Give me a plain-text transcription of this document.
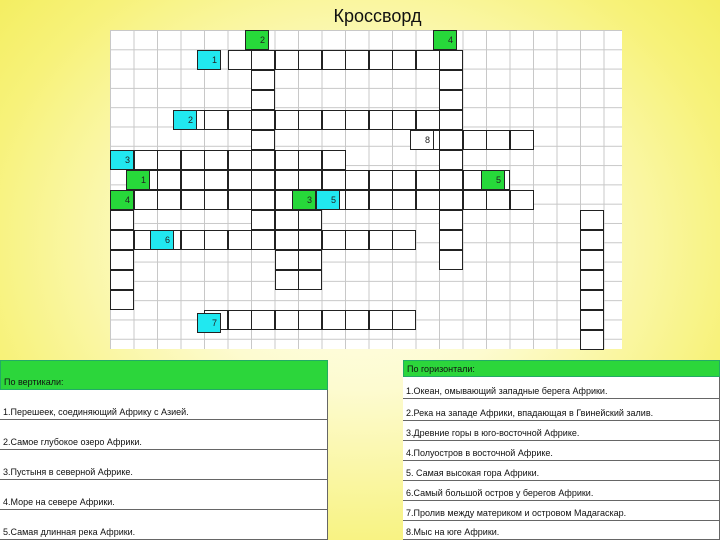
Кроссворд
2	4
1
2
8
3
1	5
4	3	5
6
7
По вертикали:
1.Перешеек, соединяющий Африку с Азией.
2.Самое глубокое озеро Африки.
3.Пустыня в северной Африке.
4.Море на севере Африки.
5.Самая длинная река Африки.
По горизонтали:
1.Океан, омывающий западные берега Африки.
2.Река на западе Африки, впадающая в Гвинейский залив.
3.Древние горы в юго-восточной Африке.
4.Полуостров в восточной Африке.
5. Самая высокая гора Африки.
6.Самый большой остров у берегов Африки.
7.Пролив между материком и островом Мадагаскар.
8.Мыс на юге Африки.
